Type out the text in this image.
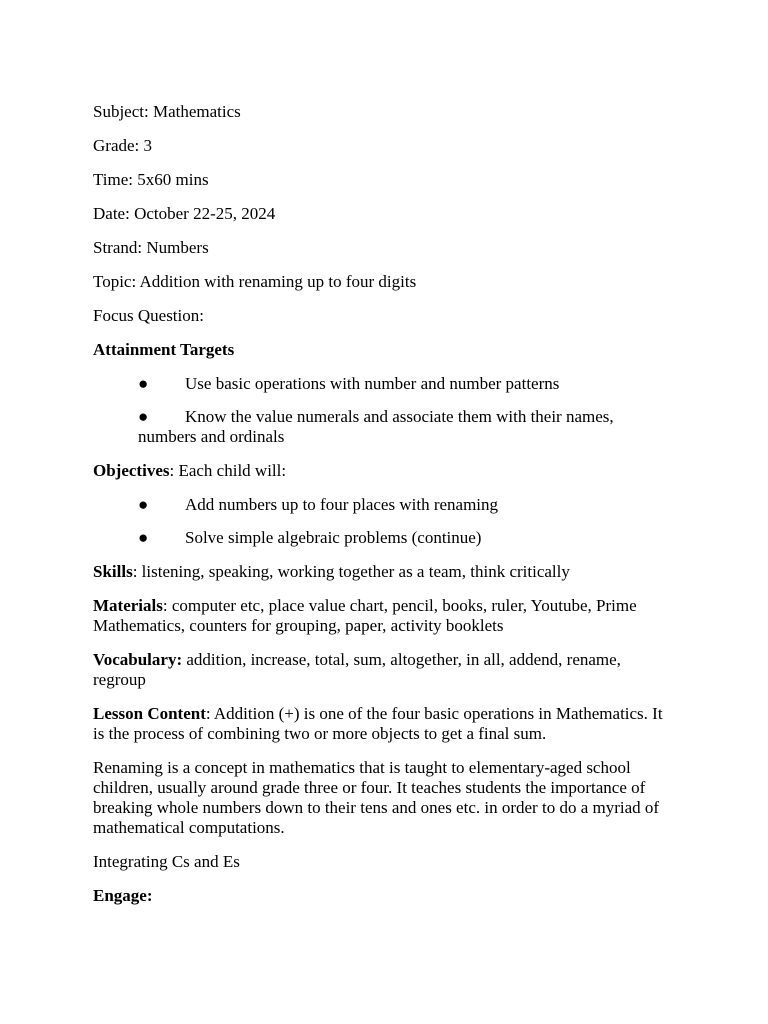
Subject: Mathematics

Grade: 3

Time: 5x60 mins

Date: October 22-25, 2024

Strand: Numbers

Topic: Addition with renaming up to four digits

Focus Question:

Attainment Targets

● Use basic operations with number and number patterns
● Know the value numerals and associate them with their names, numbers and ordinals

Objectives: Each child will:

● Add numbers up to four places with renaming
● Solve simple algebraic problems (continue)

Skills: listening, speaking, working together as a team, think critically

Materials: computer etc, place value chart, pencil, books, ruler, Youtube, Prime Mathematics, counters for grouping, paper, activity booklets

Vocabulary: addition, increase, total, sum, altogether, in all, addend, rename, regroup

Lesson Content: Addition (+) is one of the four basic operations in Mathematics. It is the process of combining two or more objects to get a final sum.

Renaming is a concept in mathematics that is taught to elementary-aged school children, usually around grade three or four. It teaches students the importance of breaking whole numbers down to their tens and ones etc. in order to do a myriad of mathematical computations.

Integrating Cs and Es

Engage:
